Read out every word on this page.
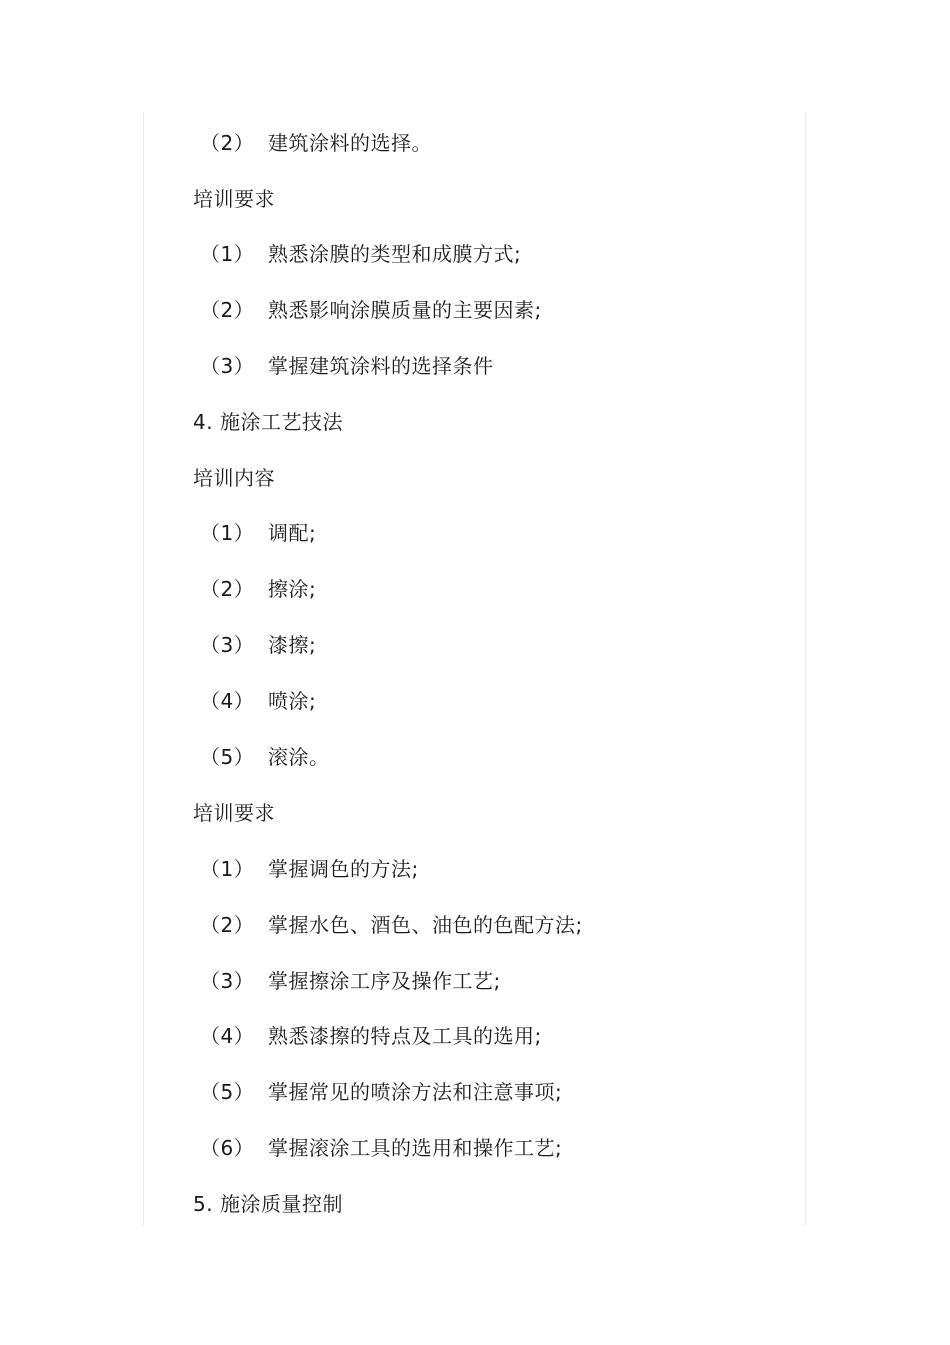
（2） 建筑涂料的选择。
培训要求
（1） 熟悉涂膜的类型和成膜方式;
（2） 熟悉影响涂膜质量的主要因素;
（3） 掌握建筑涂料的选择条件
4. 施涂工艺技法
培训内容
（1） 调配;
（2） 擦涂;
（3） 漆擦;
（4） 喷涂;
（5） 滚涂。
培训要求
（1） 掌握调色的方法;
（2） 掌握水色、酒色、油色的色配方法;
（3） 掌握擦涂工序及操作工艺;
（4） 熟悉漆擦的特点及工具的选用;
（5） 掌握常见的喷涂方法和注意事项;
（6） 掌握滚涂工具的选用和操作工艺;
5. 施涂质量控制
